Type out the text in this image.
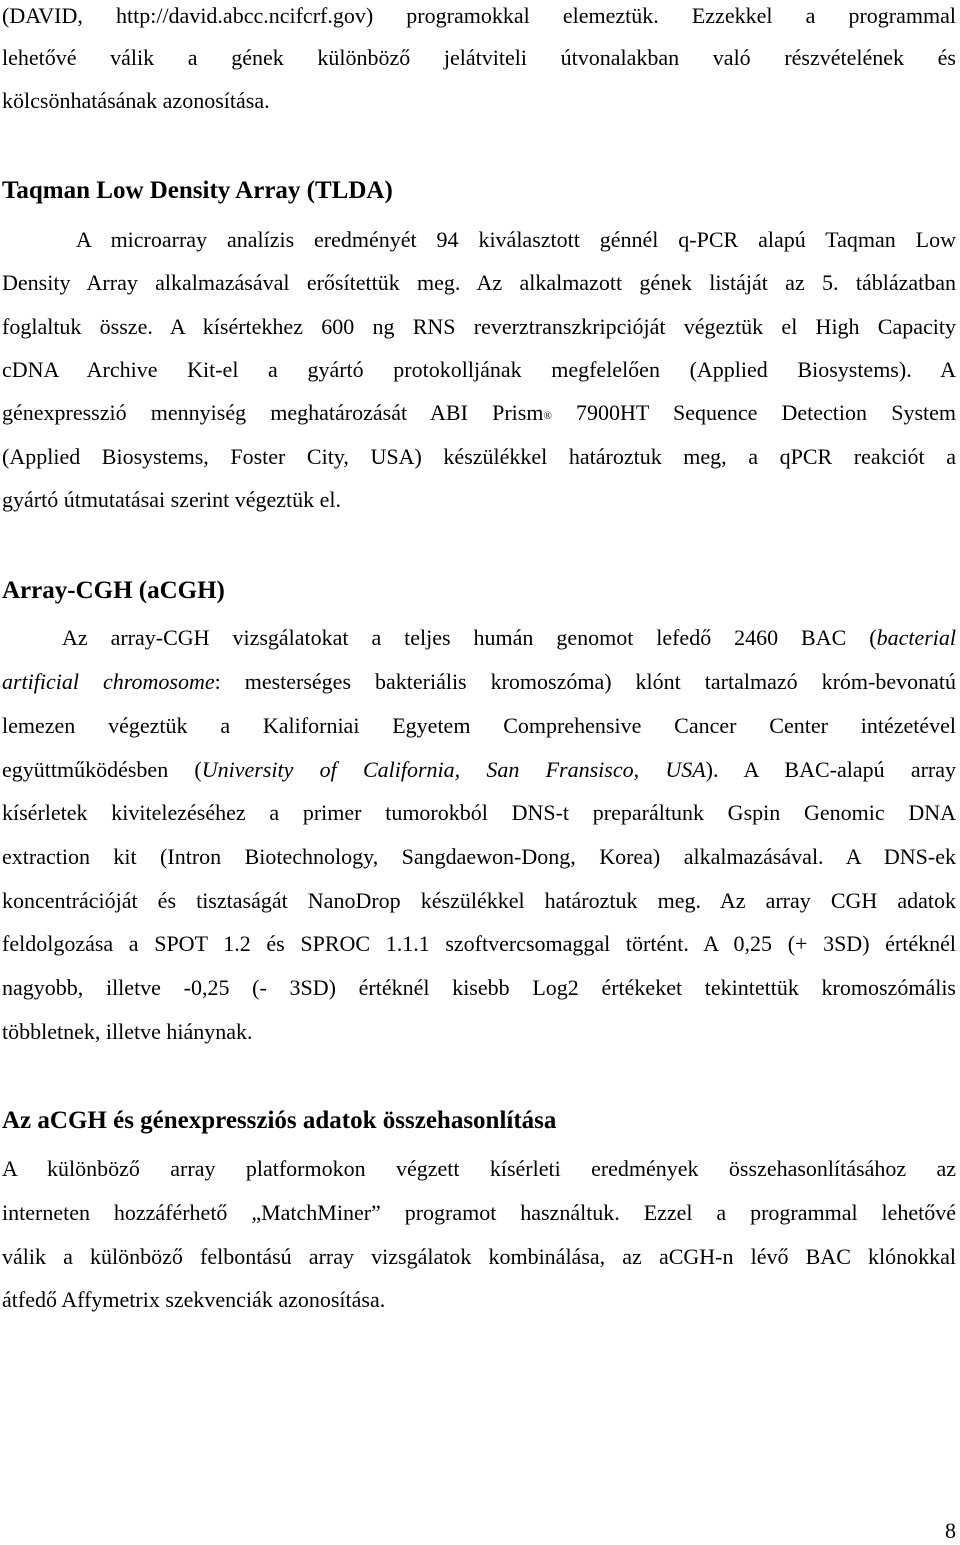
(DAVID, http://david.abcc.ncifcrf.gov) programokkal elemeztük. Ezzekkel a programmal
lehetővé válik a gének különböző jelátviteli útvonalakban való részvételének és
kölcsönhatásának azonosítása.
Taqman Low Density Array (TLDA)
A microarray analízis eredményét 94 kiválasztott génnél q-PCR alapú Taqman Low
Density Array alkalmazásával erősítettük meg. Az alkalmazott gének listáját az 5. táblázatban
foglaltuk össze. A kísértekhez 600 ng RNS reverztranszkripcióját végeztük el High Capacity
cDNA Archive Kit-el a gyártó protokolljának megfelelően (Applied Biosystems). A
génexpresszió mennyiség meghatározását ABI Prism® 7900HT Sequence Detection System
(Applied Biosystems, Foster City, USA) készülékkel határoztuk meg, a qPCR reakciót a
gyártó útmutatásai szerint végeztük el.
Array-CGH (aCGH)
Az array-CGH vizsgálatokat a teljes humán genomot lefedő 2460 BAC (bacterial
artificial chromosome: mesterséges bakteriális kromoszóma) klónt tartalmazó króm-bevonatú
lemezen végeztük a Kaliforniai Egyetem Comprehensive Cancer Center intézetével
együttműködésben (University of California, San Fransisco, USA). A BAC-alapú array
kísérletek kivitelezéséhez a primer tumorokból DNS-t preparáltunk Gspin Genomic DNA
extraction kit (Intron Biotechnology, Sangdaewon-Dong, Korea) alkalmazásával. A DNS-ek
koncentrációját és tisztaságát NanoDrop készülékkel határoztuk meg. Az array CGH adatok
feldolgozása a SPOT 1.2 és SPROC 1.1.1 szoftvercsomaggal történt. A 0,25 (+ 3SD) értéknél
nagyobb, illetve -0,25 (- 3SD) értéknél kisebb Log2 értékeket tekintettük kromoszómális
többletnek, illetve hiánynak.
Az aCGH és génexpressziós adatok összehasonlítása
A különböző array platformokon végzett kísérleti eredmények összehasonlításához az
interneten hozzáférhető „MatchMiner” programot használtuk. Ezzel a programmal lehetővé
válik a különböző felbontású array vizsgálatok kombinálása, az aCGH-n lévő BAC klónokkal
átfedő Affymetrix szekvenciák azonosítása.
8
